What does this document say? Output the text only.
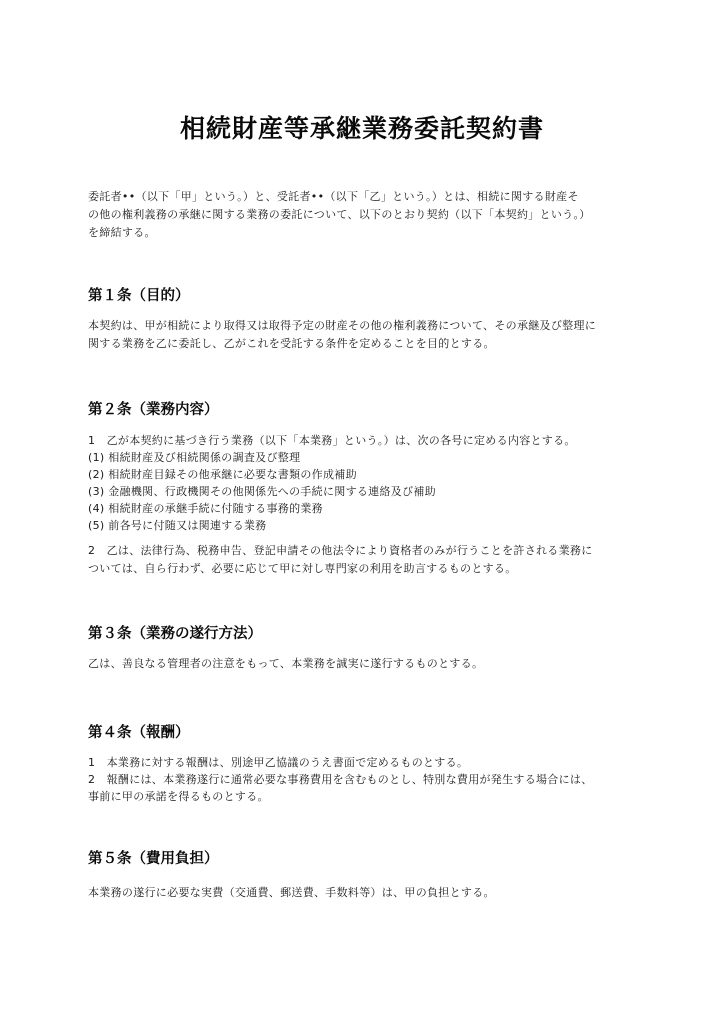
相続財産等承継業務委託契約書

委託者••（以下「甲」という。）と、受託者••（以下「乙」という。）とは、相続に関する財産そ

の他の権利義務の承継に関する業務の委託について、以下のとおり契約（以下「本契約」という。）

を締結する。

第１条（目的）

本契約は、甲が相続により取得又は取得予定の財産その他の権利義務について、その承継及び整理に

関する業務を乙に委託し、乙がこれを受託する条件を定めることを目的とする。

第２条（業務内容）

1　乙が本契約に基づき行う業務（以下「本業務」という。）は、次の各号に定める内容とする。

(1) 相続財産及び相続関係の調査及び整理

(2) 相続財産目録その他承継に必要な書類の作成補助

(3) 金融機関、行政機関その他関係先への手続に関する連絡及び補助

(4) 相続財産の承継手続に付随する事務的業務

(5) 前各号に付随又は関連する業務

2　乙は、法律行為、税務申告、登記申請その他法令により資格者のみが行うことを許される業務に

ついては、自ら行わず、必要に応じて甲に対し専門家の利用を助言するものとする。

第３条（業務の遂行方法）

乙は、善良なる管理者の注意をもって、本業務を誠実に遂行するものとする。

第４条（報酬）

1　本業務に対する報酬は、別途甲乙協議のうえ書面で定めるものとする。

2　報酬には、本業務遂行に通常必要な事務費用を含むものとし、特別な費用が発生する場合には、

事前に甲の承諾を得るものとする。

第５条（費用負担）

本業務の遂行に必要な実費（交通費、郵送費、手数料等）は、甲の負担とする。
